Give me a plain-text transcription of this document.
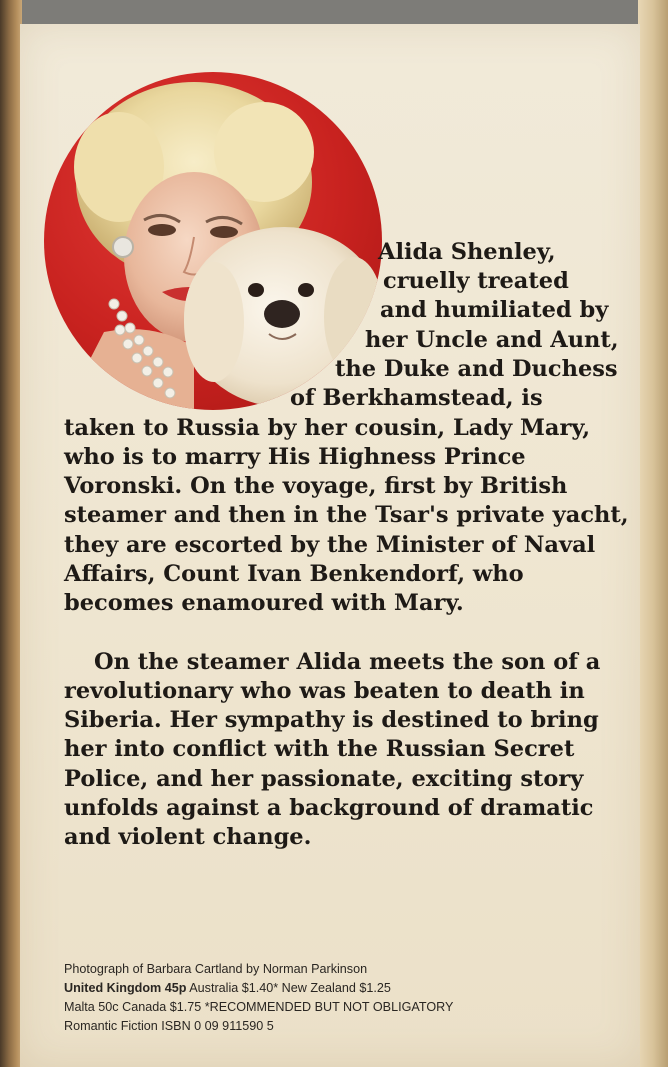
Alida Shenley,
cruelly treated
and humiliated by
her Uncle and Aunt,
the Duke and Duchess
of Berkhamstead, is
taken to Russia by her cousin, Lady Mary,
who is to marry His Highness Prince
Voronski. On the voyage, first by British
steamer and then in the Tsar's private yacht,
they are escorted by the Minister of Naval
Affairs, Count Ivan Benkendorf, who
becomes enamoured with Mary.
On the steamer Alida meets the son of a
revolutionary who was beaten to death in
Siberia. Her sympathy is destined to bring
her into conflict with the Russian Secret
Police, and her passionate, exciting story
unfolds against a background of dramatic
and violent change.
Photograph of Barbara Cartland by Norman Parkinson
United Kingdom 45p Australia $1.40* New Zealand $1.25
Malta 50c Canada $1.75 *RECOMMENDED BUT NOT OBLIGATORY
Romantic Fiction ISBN 0 09 911590 5
